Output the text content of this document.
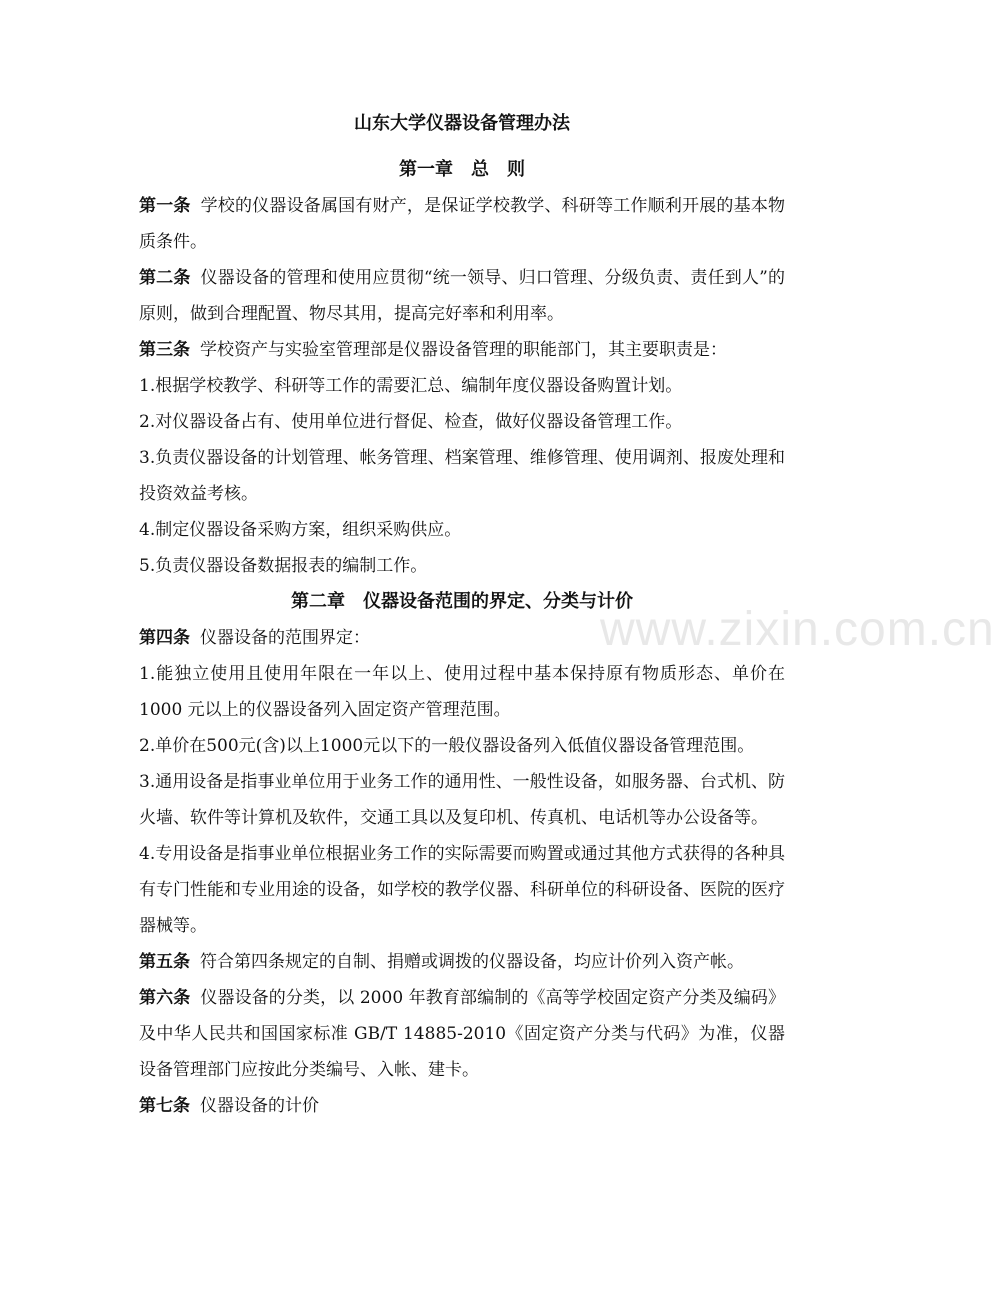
www.zixin.com.cn

山东大学仪器设备管理办法

第一章 总　则

第一条 学校的仪器设备属国有财产，是保证学校教学、科研等工作顺利开展的基本物质条件。

第二条 仪器设备的管理和使用应贯彻“统一领导、归口管理、分级负责、责任到人”的原则，做到合理配置、物尽其用，提高完好率和利用率。

第三条 学校资产与实验室管理部是仪器设备管理的职能部门，其主要职责是：

1.根据学校教学、科研等工作的需要汇总、编制年度仪器设备购置计划。

2.对仪器设备占有、使用单位进行督促、检查，做好仪器设备管理工作。

3.负责仪器设备的计划管理、帐务管理、档案管理、维修管理、使用调剂、报废处理和投资效益考核。

4.制定仪器设备采购方案，组织采购供应。

5.负责仪器设备数据报表的编制工作。

第二章 仪器设备范围的界定、分类与计价

第四条 仪器设备的范围界定：

1.能独立使用且使用年限在一年以上、使用过程中基本保持原有物质形态、单价在 1000 元以上的仪器设备列入固定资产管理范围。

2.单价在500元(含)以上1000元以下的一般仪器设备列入低值仪器设备管理范围。

3.通用设备是指事业单位用于业务工作的通用性、一般性设备，如服务器、台式机、防火墙、软件等计算机及软件，交通工具以及复印机、传真机、电话机等办公设备等。

4.专用设备是指事业单位根据业务工作的实际需要而购置或通过其他方式获得的各种具有专门性能和专业用途的设备，如学校的教学仪器、科研单位的科研设备、医院的医疗器械等。

第五条 符合第四条规定的自制、捐赠或调拨的仪器设备，均应计价列入资产帐。

第六条 仪器设备的分类，以 2000 年教育部编制的《高等学校固定资产分类及编码》及中华人民共和国国家标准 GB/T 14885-2010《固定资产分类与代码》为准，仪器设备管理部门应按此分类编号、入帐、建卡。

第七条 仪器设备的计价
